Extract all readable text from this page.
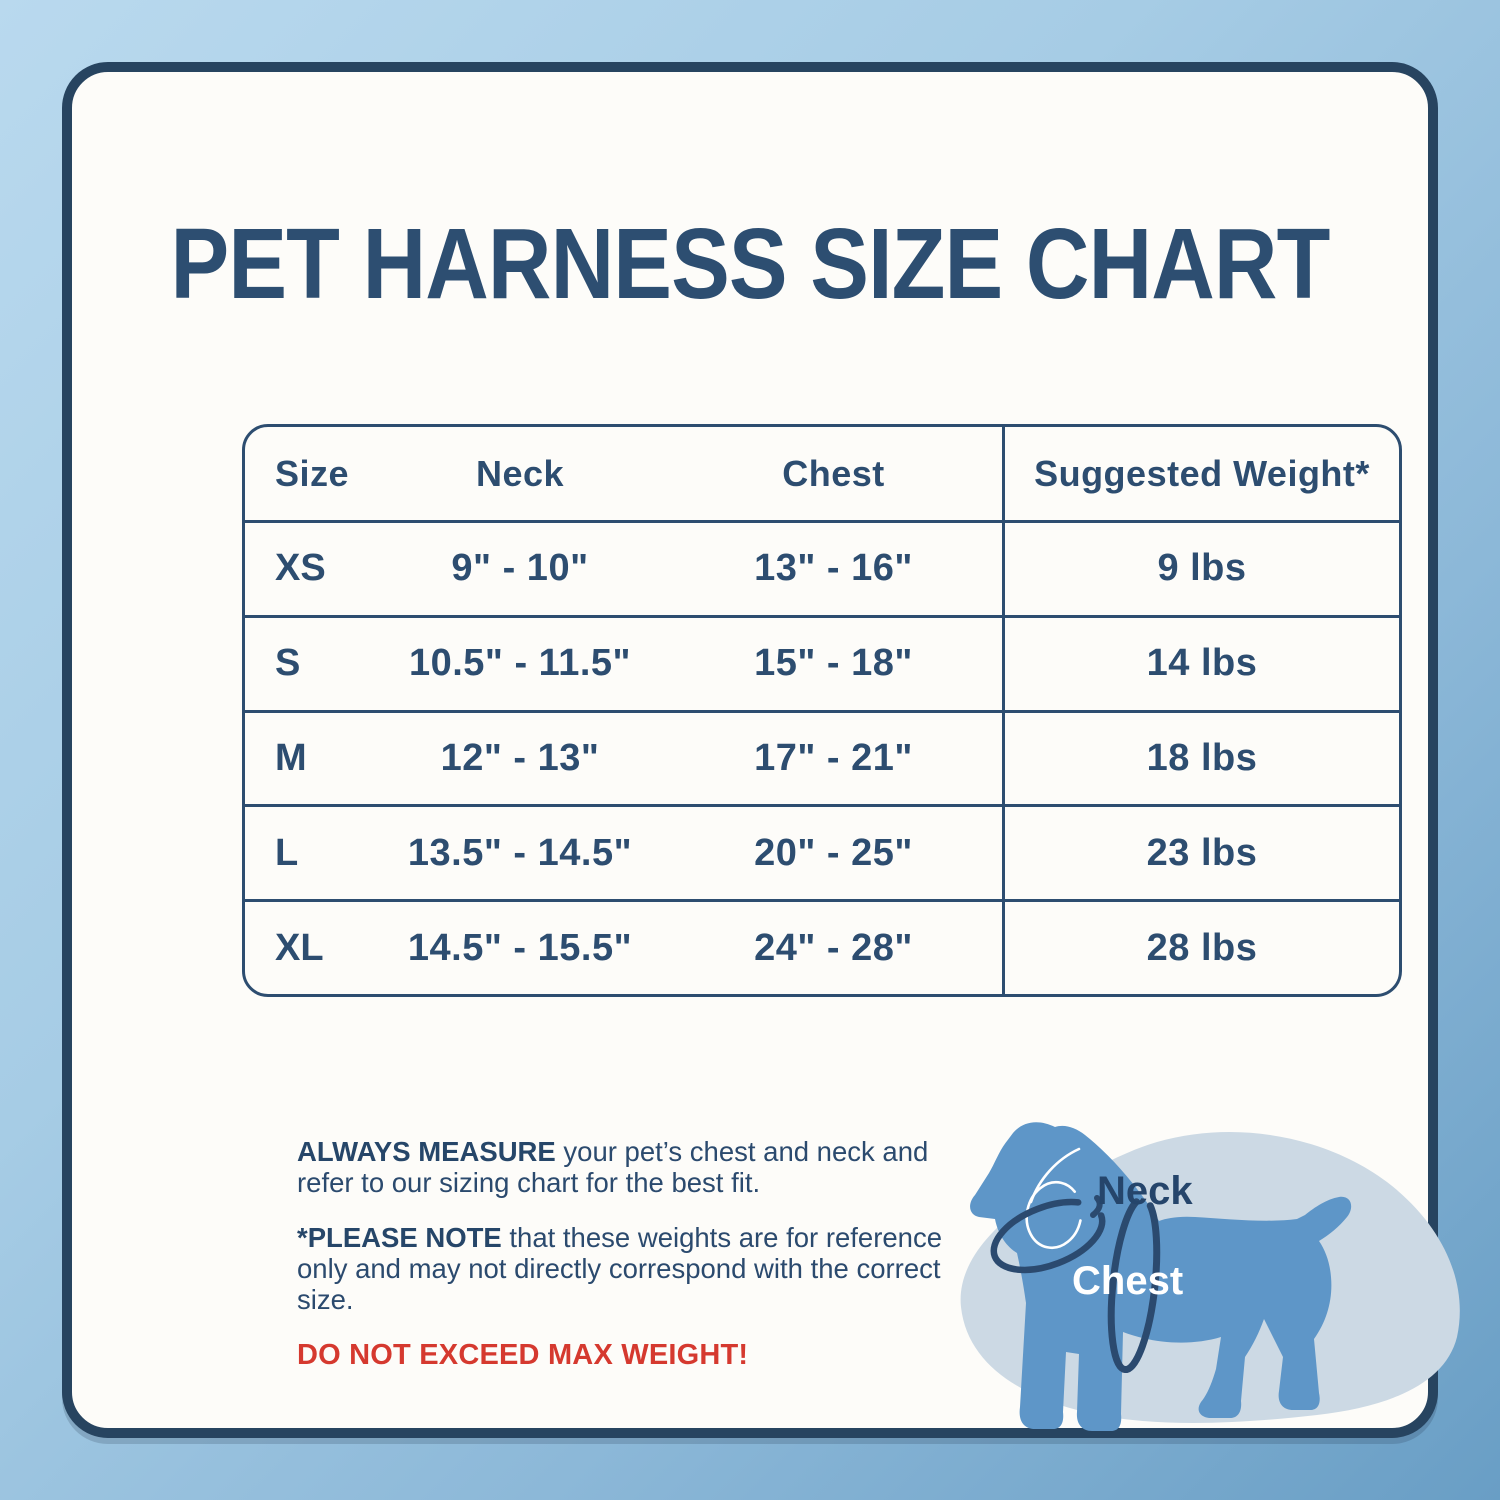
PET HARNESS SIZE CHART
Size	Neck	Chest	Suggested Weight*
XS	9" - 10"	13" - 16"	9 lbs
S	10.5" - 11.5"	15" - 18"	14 lbs
M	12" - 13"	17" - 21"	18 lbs
L	13.5" - 14.5"	20" - 25"	23 lbs
XL	14.5" - 15.5"	24" - 28"	28 lbs

ALWAYS MEASURE your pet’s chest and neck and refer to our sizing chart for the best fit.

*PLEASE NOTE that these weights are for reference only and may not directly correspond with the correct size.

DO NOT EXCEED MAX WEIGHT!

Neck
Chest
